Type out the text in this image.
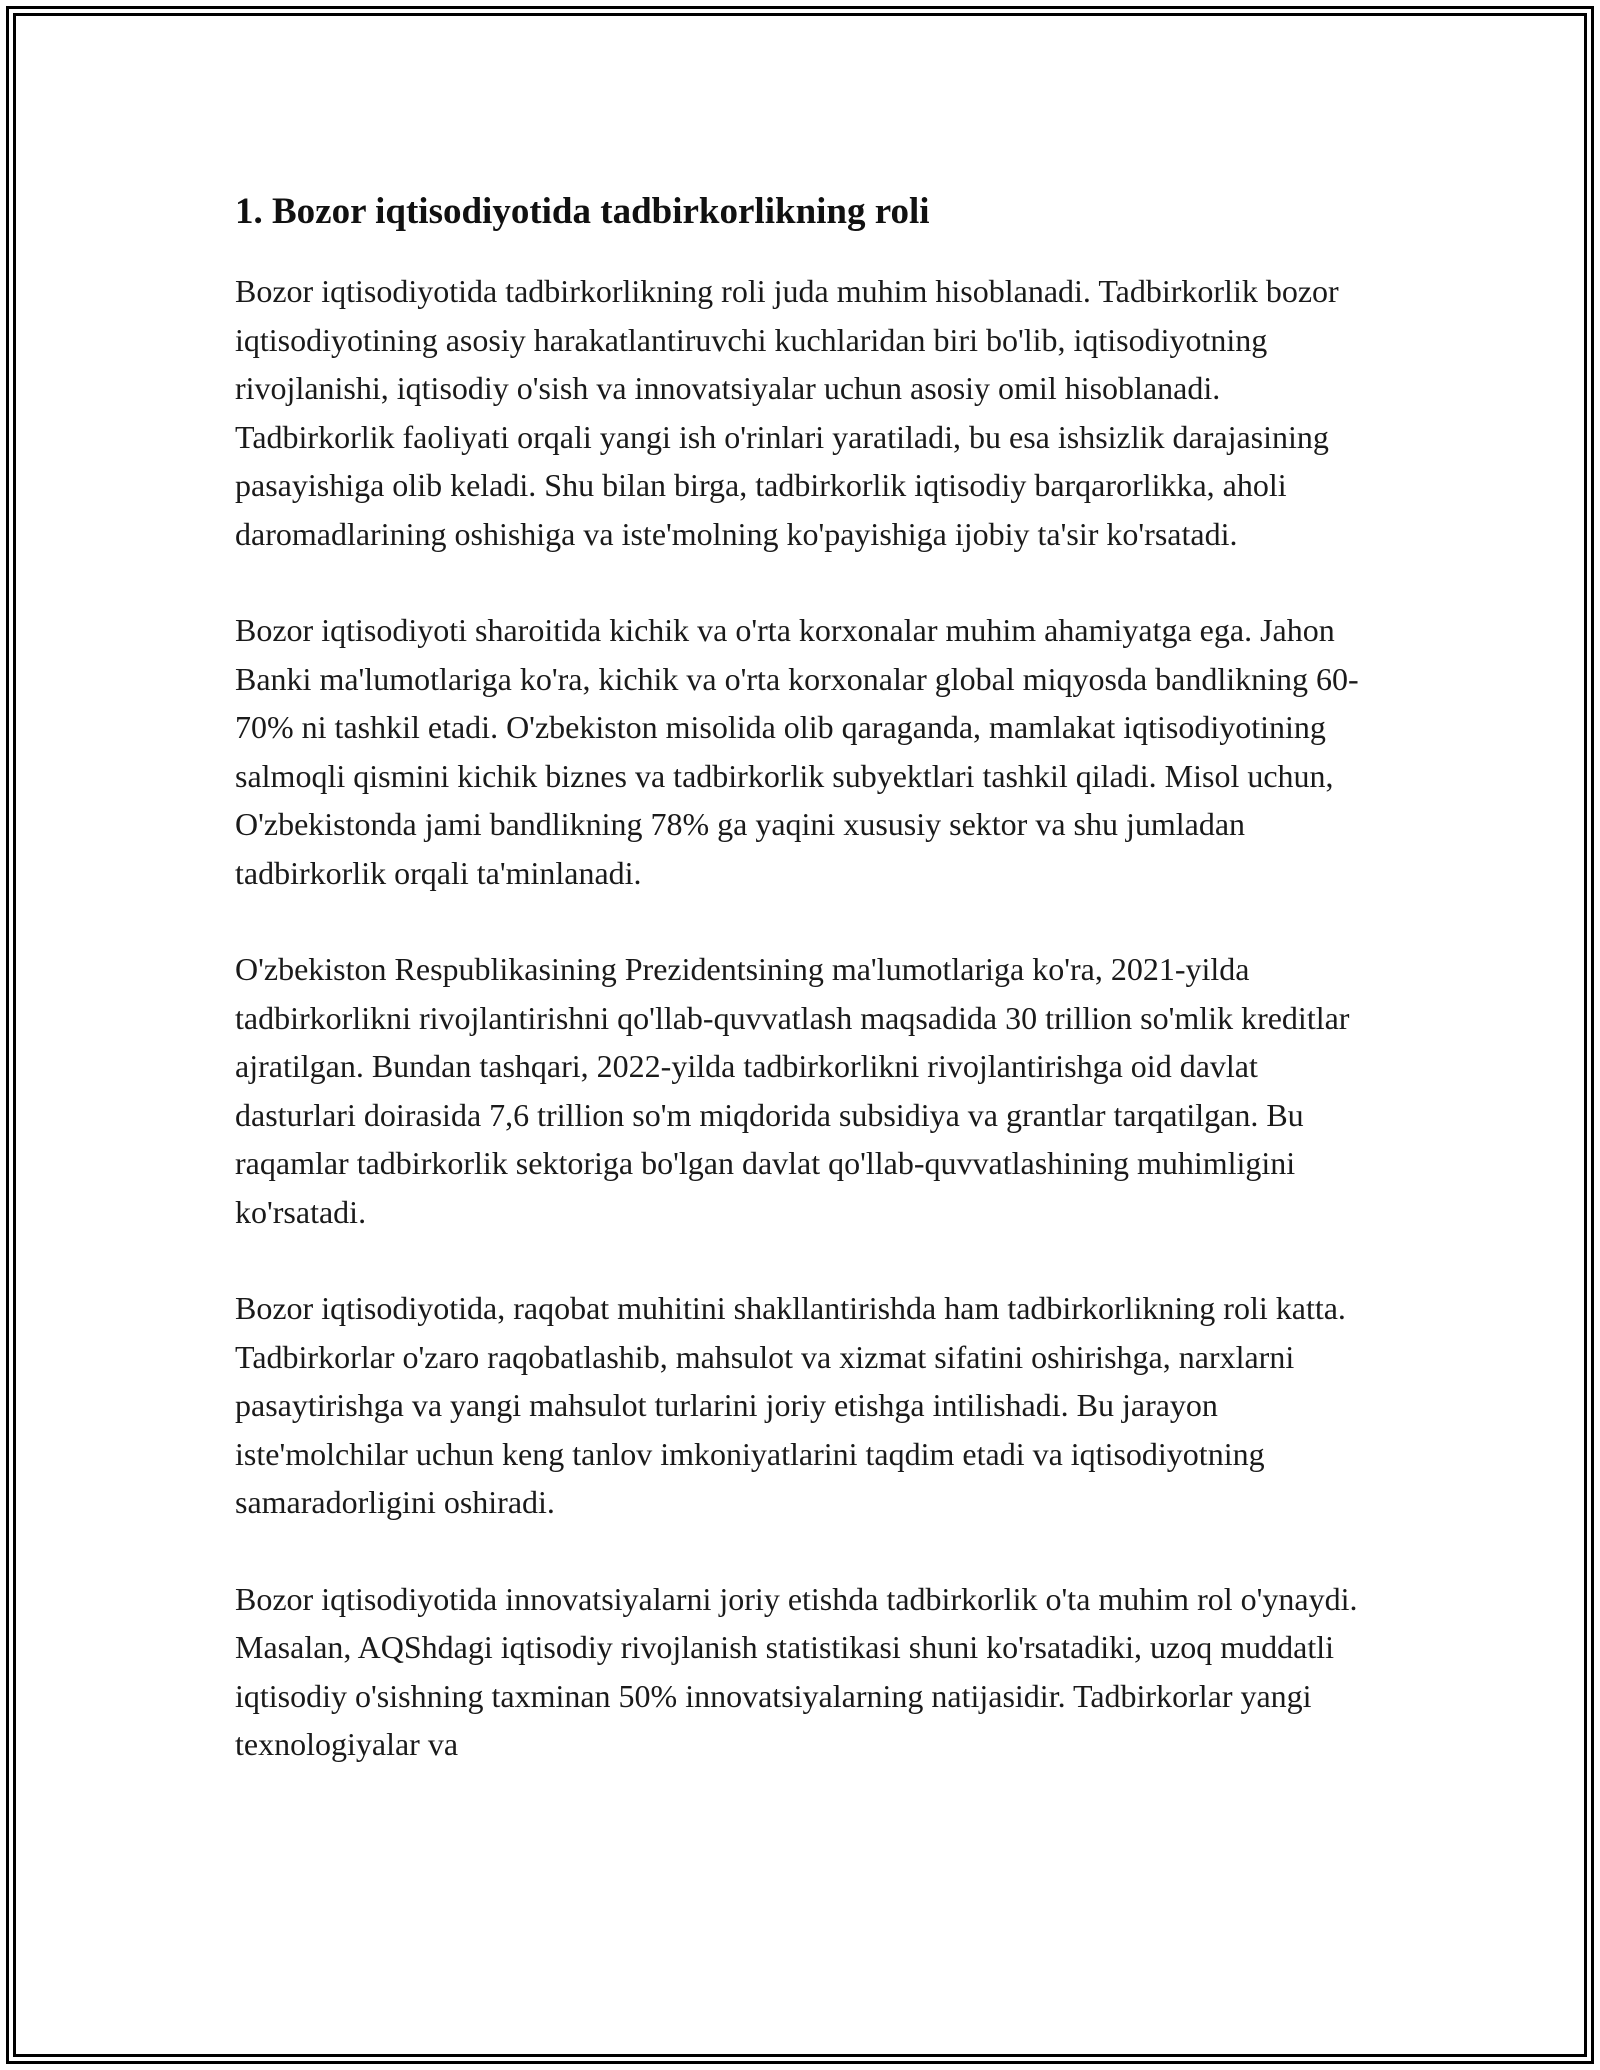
1. Bozor iqtisodiyotida tadbirkorlikning roli

Bozor iqtisodiyotida tadbirkorlikning roli juda muhim hisoblanadi. Tadbirkorlik bozor iqtisodiyotining asosiy harakatlantiruvchi kuchlaridan biri bo'lib, iqtisodiyotning rivojlanishi, iqtisodiy o'sish va innovatsiyalar uchun asosiy omil hisoblanadi. Tadbirkorlik faoliyati orqali yangi ish o'rinlari yaratiladi, bu esa ishsizlik darajasining pasayishiga olib keladi. Shu bilan birga, tadbirkorlik iqtisodiy barqarorlikka, aholi daromadlarining oshishiga va iste'molning ko'payishiga ijobiy ta'sir ko'rsatadi.

Bozor iqtisodiyoti sharoitida kichik va o'rta korxonalar muhim ahamiyatga ega. Jahon Banki ma'lumotlariga ko'ra, kichik va o'rta korxonalar global miqyosda bandlikning 60-70% ni tashkil etadi. O'zbekiston misolida olib qaraganda, mamlakat iqtisodiyotining salmoqli qismini kichik biznes va tadbirkorlik subyektlari tashkil qiladi. Misol uchun, O'zbekistonda jami bandlikning 78% ga yaqini xususiy sektor va shu jumladan tadbirkorlik orqali ta'minlanadi.

O'zbekiston Respublikasining Prezidentsining ma'lumotlariga ko'ra, 2021-yilda tadbirkorlikni rivojlantirishni qo'llab-quvvatlash maqsadida 30 trillion so'mlik kreditlar ajratilgan. Bundan tashqari, 2022-yilda tadbirkorlikni rivojlantirishga oid davlat dasturlari doirasida 7,6 trillion so'm miqdorida subsidiya va grantlar tarqatilgan. Bu raqamlar tadbirkorlik sektoriga bo'lgan davlat qo'llab-quvvatlashining muhimligini ko'rsatadi.

Bozor iqtisodiyotida, raqobat muhitini shakllantirishda ham tadbirkorlikning roli katta. Tadbirkorlar o'zaro raqobatlashib, mahsulot va xizmat sifatini oshirishga, narxlarni pasaytirishga va yangi mahsulot turlarini joriy etishga intilishadi. Bu jarayon iste'molchilar uchun keng tanlov imkoniyatlarini taqdim etadi va iqtisodiyotning samaradorligini oshiradi.

Bozor iqtisodiyotida innovatsiyalarni joriy etishda tadbirkorlik o'ta muhim rol o'ynaydi. Masalan, AQShdagi iqtisodiy rivojlanish statistikasi shuni ko'rsatadiki, uzoq muddatli iqtisodiy o'sishning taxminan 50% innovatsiyalarning natijasidir. Tadbirkorlar yangi texnologiyalar va
